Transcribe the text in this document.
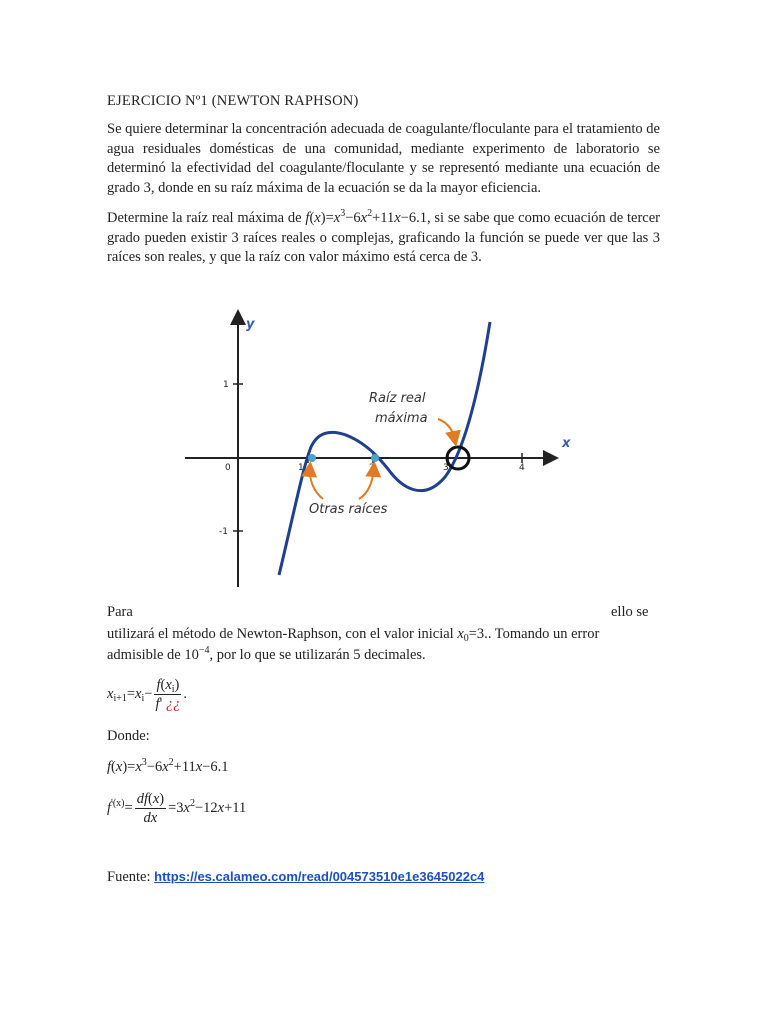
EJERCICIO Nº1 (NEWTON RAPHSON)
Se quiere determinar la concentración adecuada de coagulante/floculante para el tratamiento de agua residuales domésticas de una comunidad, mediante experimento de laboratorio se determinó la efectividad del coagulante/floculante y se representó mediante una ecuación de grado 3, donde en su raíz máxima de la ecuación se da la mayor eficiencia.
Determine la raíz real máxima de $f(x)=x^3-6x^2+11x-6.1$, si se sabe que como ecuación de tercer grado pueden existir 3 raíces reales o complejas, graficando la función se puede ver que las 3 raíces son reales, y que la raíz con valor máximo está cerca de 3.
y
x
0	1	2	3	4
1
-1
Raíz real
máxima
Otras raíces
Para	ello se
utilizará el método de Newton-Raphson, con el valor inicial $x_0=3$.. Tomando un error
admisible de $10^{-4}$, por lo que se utilizarán 5 decimales.
$x_{i+1}=x_i- \frac{f(x_i)}{f' ¿¿}$ .
Donde:
$f(x)=x^3-6x^2+11x-6.1$
$f^{'(x)}= \frac{df(x)}{dx} =3x^2-12x+11$
Fuente: https://es.calameo.com/read/004573510e1e3645022c4
